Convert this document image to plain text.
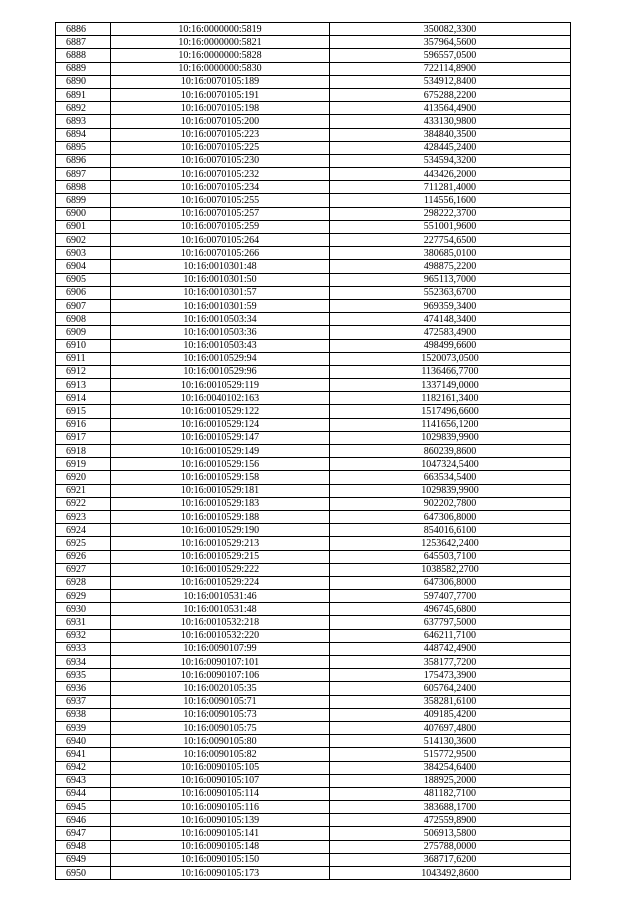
6886	10:16:0000000:5819	350082,3300
6887	10:16:0000000:5821	357964,5600
6888	10:16:0000000:5828	596557,0500
6889	10:16:0000000:5830	722114,8900
6890	10:16:0070105:189	534912,8400
6891	10:16:0070105:191	675288,2200
6892	10:16:0070105:198	413564,4900
6893	10:16:0070105:200	433130,9800
6894	10:16:0070105:223	384840,3500
6895	10:16:0070105:225	428445,2400
6896	10:16:0070105:230	534594,3200
6897	10:16:0070105:232	443426,2000
6898	10:16:0070105:234	711281,4000
6899	10:16:0070105:255	114556,1600
6900	10:16:0070105:257	298222,3700
6901	10:16:0070105:259	551001,9600
6902	10:16:0070105:264	227754,6500
6903	10:16:0070105:266	380685,0100
6904	10:16:0010301:48	498875,2200
6905	10:16:0010301:50	965113,7000
6906	10:16:0010301:57	552363,6700
6907	10:16:0010301:59	969359,3400
6908	10:16:0010503:34	474148,3400
6909	10:16:0010503:36	472583,4900
6910	10:16:0010503:43	498499,6600
6911	10:16:0010529:94	1520073,0500
6912	10:16:0010529:96	1136466,7700
6913	10:16:0010529:119	1337149,0000
6914	10:16:0040102:163	1182161,3400
6915	10:16:0010529:122	1517496,6600
6916	10:16:0010529:124	1141656,1200
6917	10:16:0010529:147	1029839,9900
6918	10:16:0010529:149	860239,8600
6919	10:16:0010529:156	1047324,5400
6920	10:16:0010529:158	663534,5400
6921	10:16:0010529:181	1029839,9900
6922	10:16:0010529:183	902202,7800
6923	10:16:0010529:188	647306,8000
6924	10:16:0010529:190	854016,6100
6925	10:16:0010529:213	1253642,2400
6926	10:16:0010529:215	645503,7100
6927	10:16:0010529:222	1038582,2700
6928	10:16:0010529:224	647306,8000
6929	10:16:0010531:46	597407,7700
6930	10:16:0010531:48	496745,6800
6931	10:16:0010532:218	637797,5000
6932	10:16:0010532:220	646211,7100
6933	10:16:0090107:99	448742,4900
6934	10:16:0090107:101	358177,7200
6935	10:16:0090107:106	175473,3900
6936	10:16:0020105:35	605764,2400
6937	10:16:0090105:71	358281,6100
6938	10:16:0090105:73	409185,4200
6939	10:16:0090105:75	407697,4800
6940	10:16:0090105:80	514130,3600
6941	10:16:0090105:82	515772,9500
6942	10:16:0090105:105	384254,6400
6943	10:16:0090105:107	188925,2000
6944	10:16:0090105:114	481182,7100
6945	10:16:0090105:116	383688,1700
6946	10:16:0090105:139	472559,8900
6947	10:16:0090105:141	506913,5800
6948	10:16:0090105:148	275788,0000
6949	10:16:0090105:150	368717,6200
6950	10:16:0090105:173	1043492,8600
